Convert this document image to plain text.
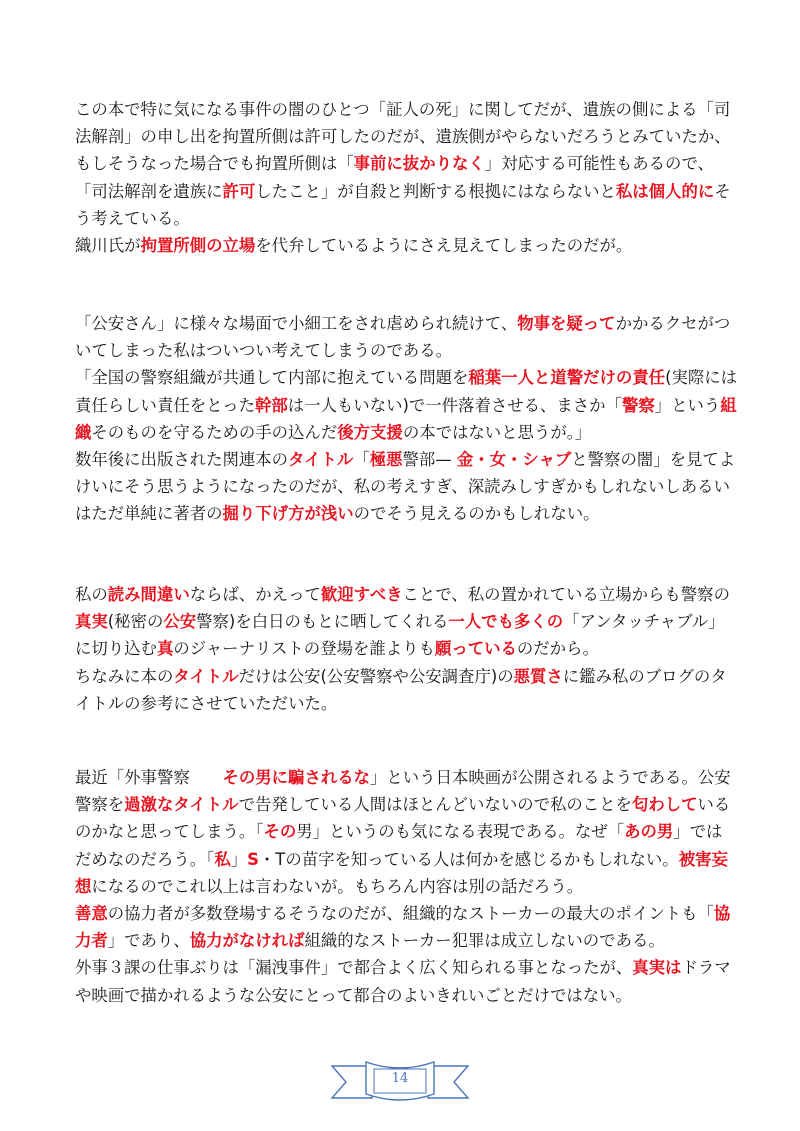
この本で特に気になる事件の闇のひとつ「証人の死」に関してだが、遺族の側による「司
法解剖」の申し出を拘置所側は許可したのだが、遺族側がやらないだろうとみていたか、
もしそうなった場合でも拘置所側は「事前に抜かりなく」対応する可能性もあるので、
「司法解剖を遺族に許可したこと」が自殺と判断する根拠にはならないと私は個人的にそ
う考えている。
織川氏が拘置所側の立場を代弁しているようにさえ見えてしまったのだが。
「公安さん」に様々な場面で小細工をされ虐められ続けて、物事を疑ってかかるクセがつ
いてしまった私はついつい考えてしまうのである。
「全国の警察組織が共通して内部に抱えている問題を稲葉一人と道警だけの責任(実際には
責任らしい責任をとった幹部は一人もいない)で一件落着させる、まさか「警察」という組
織そのものを守るための手の込んだ後方支援の本ではないと思うが。」
数年後に出版された関連本のタイトル「極悪警部— 金・女・シャブと警察の闇」を見てよ
けいにそう思うようになったのだが、私の考えすぎ、深読みしすぎかもしれないしあるい
はただ単純に著者の掘り下げ方が浅いのでそう見えるのかもしれない。
私の読み間違いならば、かえって歓迎すべきことで、私の置かれている立場からも警察の
真実(秘密の公安警察)を白日のもとに晒してくれる一人でも多くの「アンタッチャブル」
に切り込む真のジャーナリストの登場を誰よりも願っているのだから。
ちなみに本のタイトルだけは公安(公安警察や公安調査庁)の悪質さに鑑み私のブログのタ
イトルの参考にさせていただいた。
最近「外事警察　　その男に騙されるな」という日本映画が公開されるようである。公安
警察を過激なタイトルで告発している人間はほとんどいないので私のことを匂わしている
のかなと思ってしまう。「その男」というのも気になる表現である。なぜ「あの男」では
だめなのだろう。「私」S・Tの苗字を知っている人は何かを感じるかもしれない。被害妄
想になるのでこれ以上は言わないが。もちろん内容は別の話だろう。
善意の協力者が多数登場するそうなのだが、組織的なストーカーの最大のポイントも「協
力者」であり、協力がなければ組織的なストーカー犯罪は成立しないのである。
外事３課の仕事ぶりは「漏洩事件」で都合よく広く知られる事となったが、真実はドラマ
や映画で描かれるような公安にとって都合のよいきれいごとだけではない。
14
